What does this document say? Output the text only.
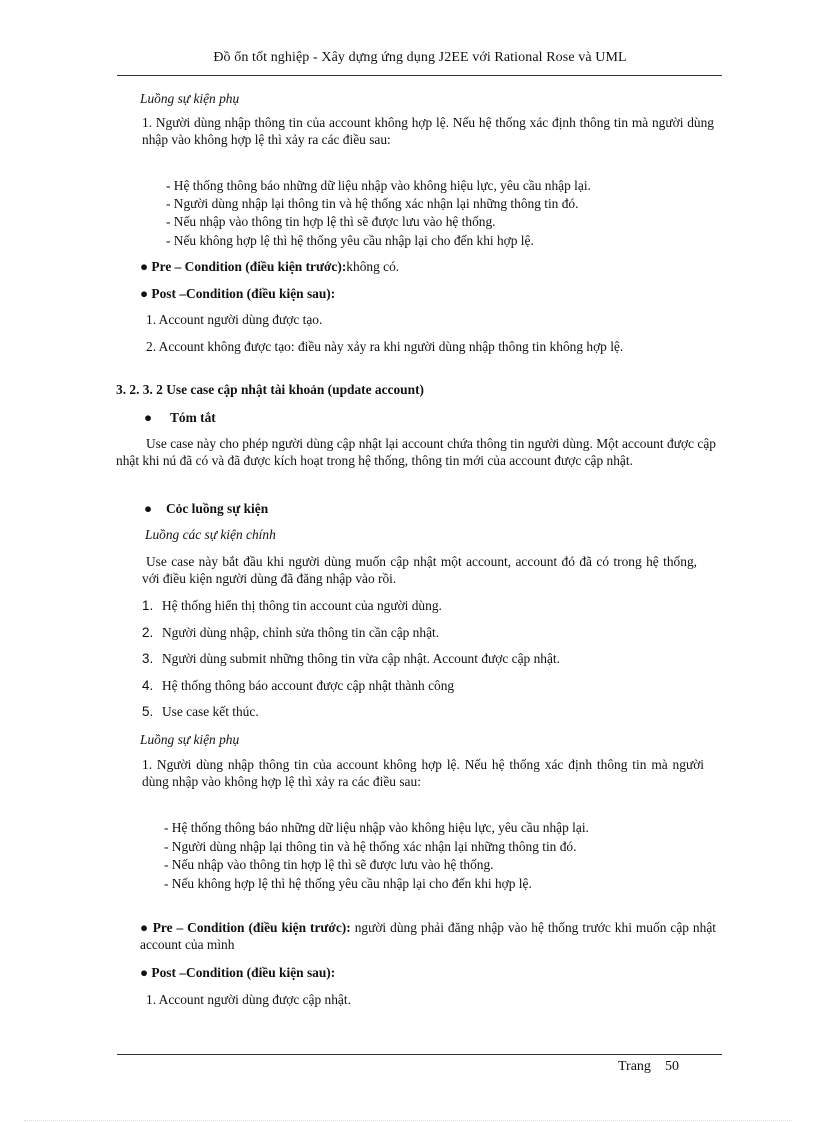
Đồ ổn tốt nghiệp - Xây dựng ứng dụng J2EE với Rational Rose và UML
Luồng sự kiện phụ
1. Người dùng nhập thông tin của account không hợp lệ. Nếu hệ thống xác định thông tin mà người dùng nhập vào không hợp lệ thì xảy ra các điều sau:
- Hệ thống thông báo những dữ liệu nhập vào không hiệu lực, yêu cầu nhập lại.
- Người dùng nhập lại thông tin và hệ thống xác nhận lại những thông tin đó.
- Nếu nhập vào thông tin hợp lệ thì sẽ được lưu vào hệ thống.
- Nếu không hợp lệ thì hệ thống yêu cầu nhập lại cho đến khi hợp lệ.
● Pre – Condition (điều kiện trước):không có.
● Post –Condition (điều kiện sau):
1. Account người dùng được tạo.
2. Account không được tạo: điều này xảy ra khi người dùng nhập thông tin không hợp lệ.
3. 2. 3. 2 Use case cập nhật tài khoản (update account)
● Tóm tắt
Use case này cho phép người dùng cập nhật lại account chứa thông tin người dùng. Một account được cập nhật khi nú đã có và đã được kích hoạt trong hệ thống, thông tin mới của account được cập nhật.
● Cỏc luồng sự kiện
Luồng các sự kiện chính
Use case này bắt đầu khi người dùng muốn cập nhật một account, account đó đã có trong hệ thống, với điều kiện người dùng đã đăng nhập vào rồi.
1. Hệ thống hiển thị thông tin account của người dùng.
2. Người dùng nhập, chỉnh sửa thông tin cần cập nhật.
3. Người dùng submit những thông tin vừa cập nhật. Account được cập nhật.
4. Hệ thống thông báo account được cập nhật thành công
5. Use case kết thúc.
Luồng sự kiện phụ
1. Người dùng nhập thông tin của account không hợp lệ. Nếu hệ thống xác định thông tin mà người dùng nhập vào không hợp lệ thì xảy ra các điều sau:
- Hệ thống thông báo những dữ liệu nhập vào không hiệu lực, yêu cầu nhập lại.
- Người dùng nhập lại thông tin và hệ thống xác nhận lại những thông tin đó.
- Nếu nhập vào thông tin hợp lệ thì sẽ được lưu vào hệ thống.
- Nếu không hợp lệ thì hệ thống yêu cầu nhập lại cho đến khi hợp lệ.
● Pre – Condition (điều kiện trước): người dùng phải đăng nhập vào hệ thống trước khi muốn cập nhật account của mình
● Post –Condition (điều kiện sau):
1. Account người dùng được cập nhật.
Trang 50
